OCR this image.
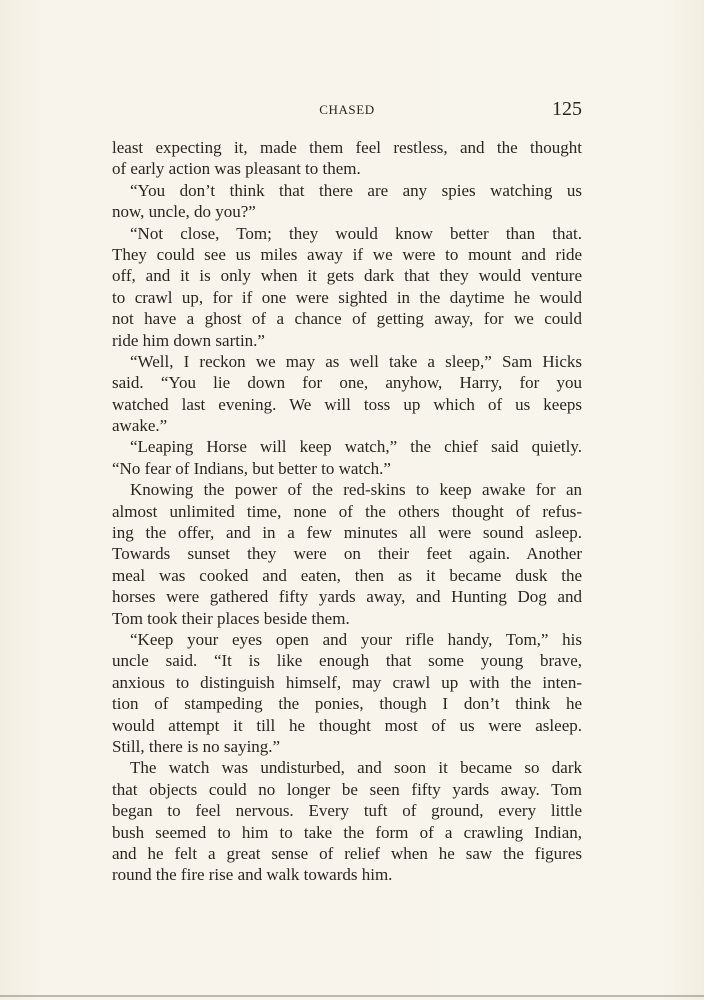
CHASED	125
least expecting it, made them feel restless, and the thought
of early action was pleasant to them.
“You don’t think that there are any spies watching us
now, uncle, do you?”
“Not close, Tom; they would know better than that.
They could see us miles away if we were to mount and ride
off, and it is only when it gets dark that they would venture
to crawl up, for if one were sighted in the daytime he would
not have a ghost of a chance of getting away, for we could
ride him down sartin.”
“Well, I reckon we may as well take a sleep,” Sam Hicks
said. “You lie down for one, anyhow, Harry, for you
watched last evening. We will toss up which of us keeps
awake.”
“Leaping Horse will keep watch,” the chief said quietly.
“No fear of Indians, but better to watch.”
Knowing the power of the red-skins to keep awake for an
almost unlimited time, none of the others thought of refus-
ing the offer, and in a few minutes all were sound asleep.
Towards sunset they were on their feet again. Another
meal was cooked and eaten, then as it became dusk the
horses were gathered fifty yards away, and Hunting Dog and
Tom took their places beside them.
“Keep your eyes open and your rifle handy, Tom,” his
uncle said. “It is like enough that some young brave,
anxious to distinguish himself, may crawl up with the inten-
tion of stampeding the ponies, though I don’t think he
would attempt it till he thought most of us were asleep.
Still, there is no saying.”
The watch was undisturbed, and soon it became so dark
that objects could no longer be seen fifty yards away. Tom
began to feel nervous. Every tuft of ground, every little
bush seemed to him to take the form of a crawling Indian,
and he felt a great sense of relief when he saw the figures
round the fire rise and walk towards him.
